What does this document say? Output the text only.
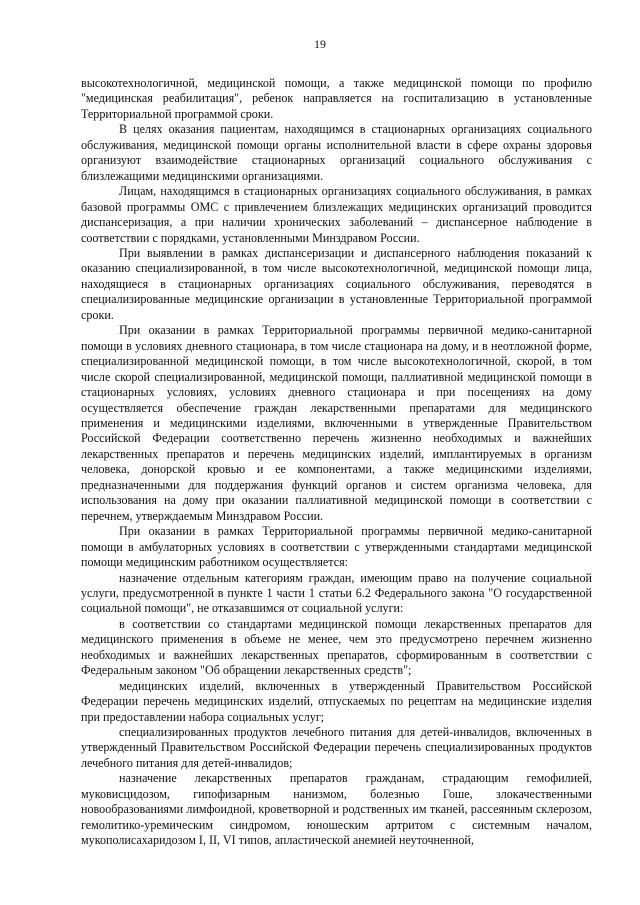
19

высокотехнологичной, медицинской помощи, а также медицинской помощи по профилю "медицинская реабилитация", ребенок направляется на госпитализацию в установленные Территориальной программой сроки.

В целях оказания пациентам, находящимся в стационарных организациях социального обслуживания, медицинской помощи органы исполнительной власти в сфере охраны здоровья организуют взаимодействие стационарных организаций социального обслуживания с близлежащими медицинскими организациями.

Лицам, находящимся в стационарных организациях социального обслуживания, в рамках базовой программы ОМС с привлечением близлежащих медицинских организаций проводится диспансеризация, а при наличии хронических заболеваний – диспансерное наблюдение в соответствии с порядками, установленными Минздравом России.

При выявлении в рамках диспансеризации и диспансерного наблюдения показаний к оказанию специализированной, в том числе высокотехнологичной, медицинской помощи лица, находящиеся в стационарных организациях социального обслуживания, переводятся в специализированные медицинские организации в установленные Территориальной программой сроки.

При оказании в рамках Территориальной программы первичной медико-санитарной помощи в условиях дневного стационара, в том числе стационара на дому, и в неотложной форме, специализированной медицинской помощи, в том числе высокотехнологичной, скорой, в том числе скорой специализированной, медицинской помощи, паллиативной медицинской помощи в стационарных условиях, условиях дневного стационара и при посещениях на дому осуществляется обеспечение граждан лекарственными препаратами для медицинского применения и медицинскими изделиями, включенными в утвержденные Правительством Российской Федерации соответственно перечень жизненно необходимых и важнейших лекарственных препаратов и перечень медицинских изделий, имплантируемых в организм человека, донорской кровью и ее компонентами, а также медицинскими изделиями, предназначенными для поддержания функций органов и систем организма человека, для использования на дому при оказании паллиативной медицинской помощи в соответствии с перечнем, утверждаемым Минздравом России.

При оказании в рамках Территориальной программы первичной медико-санитарной помощи в амбулаторных условиях в соответствии с утвержденными стандартами медицинской помощи медицинским работником осуществляется:

назначение отдельным категориям граждан, имеющим право на получение социальной услуги, предусмотренной в пункте 1 части 1 статьи 6.2 Федерального закона "О государственной социальной помощи", не отказавшимся от социальной услуги:

в соответствии со стандартами медицинской помощи лекарственных препаратов для медицинского применения в объеме не менее, чем это предусмотрено перечнем жизненно необходимых и важнейших лекарственных препаратов, сформированным в соответствии с Федеральным законом "Об обращении лекарственных средств";

медицинских изделий, включенных в утвержденный Правительством Российской Федерации перечень медицинских изделий, отпускаемых по рецептам на медицинские изделия при предоставлении набора социальных услуг;

специализированных продуктов лечебного питания для детей-инвалидов, включенных в утвержденный Правительством Российской Федерации перечень специализированных продуктов лечебного питания для детей-инвалидов;

назначение лекарственных препаратов гражданам, страдающим гемофилией, муковисцидозом, гипофизарным нанизмом, болезнью Гоше, злокачественными новообразованиями лимфоидной, кроветворной и родственных им тканей, рассеянным склерозом, гемолитико-уремическим синдромом, юношеским артритом с системным началом, мукополисахаридозом I, II, VI типов, апластической анемией неуточненной,
